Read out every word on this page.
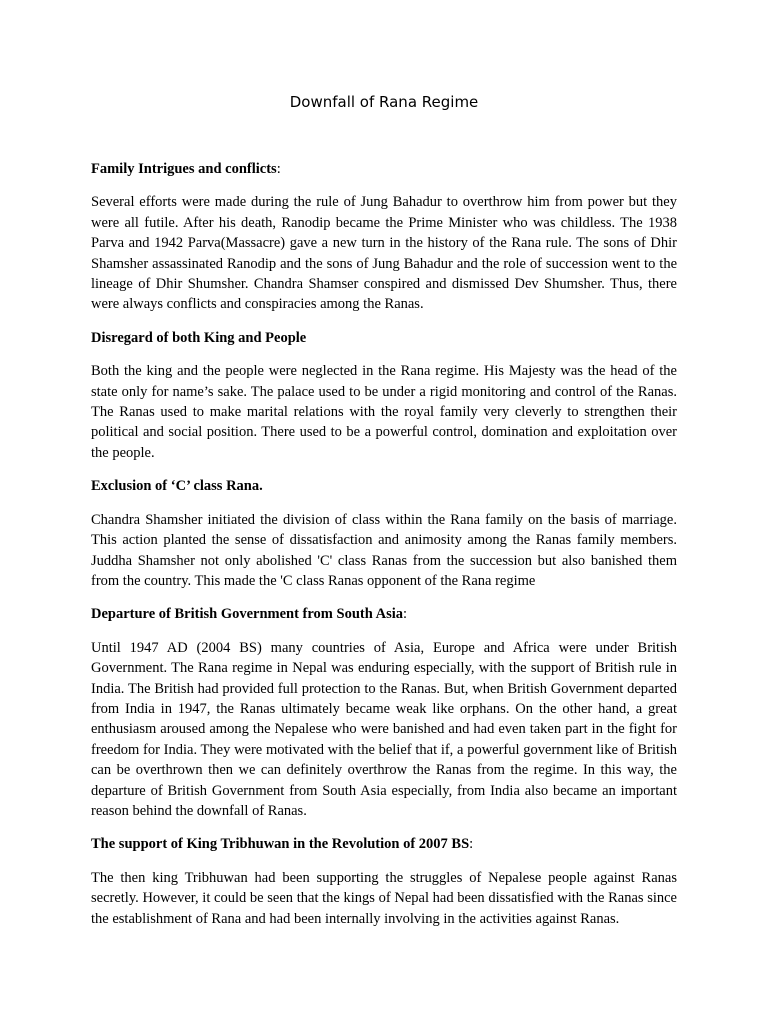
Downfall of Rana Regime

Family Intrigues and conflicts:

Several efforts were made during the rule of Jung Bahadur to overthrow him from power but they were all futile. After his death, Ranodip became the Prime Minister who was childless. The 1938 Parva and 1942 Parva(Massacre) gave a new turn in the history of the Rana rule. The sons of Dhir Shamsher assassinated Ranodip and the sons of Jung Bahadur and the role of succession went to the lineage of Dhir Shumsher. Chandra Shamser conspired and dismissed Dev Shumsher. Thus, there were always conflicts and conspiracies among the Ranas.

Disregard of both King and People

Both the king and the people were neglected in the Rana regime. His Majesty was the head of the state only for name’s sake. The palace used to be under a rigid monitoring and control of the Ranas. The Ranas used to make marital relations with the royal family very cleverly to strengthen their political and social position. There used to be a powerful control, domination and exploitation over the people.

Exclusion of ‘C’ class Rana.

Chandra Shamsher initiated the division of class within the Rana family on the basis of marriage. This action planted the sense of dissatisfaction and animosity among the Ranas family members. Juddha Shamsher not only abolished 'C' class Ranas from the succession but also banished them from the country. This made the 'C class Ranas opponent of the Rana regime

Departure of British Government from South Asia:

Until 1947 AD (2004 BS) many countries of Asia, Europe and Africa were under British Government. The Rana regime in Nepal was enduring especially, with the support of British rule in India. The British had provided full protection to the Ranas. But, when British Government departed from India in 1947, the Ranas ultimately became weak like orphans. On the other hand, a great enthusiasm aroused among the Nepalese who were banished and had even taken part in the fight for freedom for India. They were motivated with the belief that if, a powerful government like of British can be overthrown then we can definitely overthrow the Ranas from the regime. In this way, the departure of British Government from South Asia especially, from India also became an important reason behind the downfall of Ranas.

The support of King Tribhuwan in the Revolution of 2007 BS:

The then king Tribhuwan had been supporting the struggles of Nepalese people against Ranas secretly. However, it could be seen that the kings of Nepal had been dissatisfied with the Ranas since the establishment of Rana and had been internally involving in the activities against Ranas.
